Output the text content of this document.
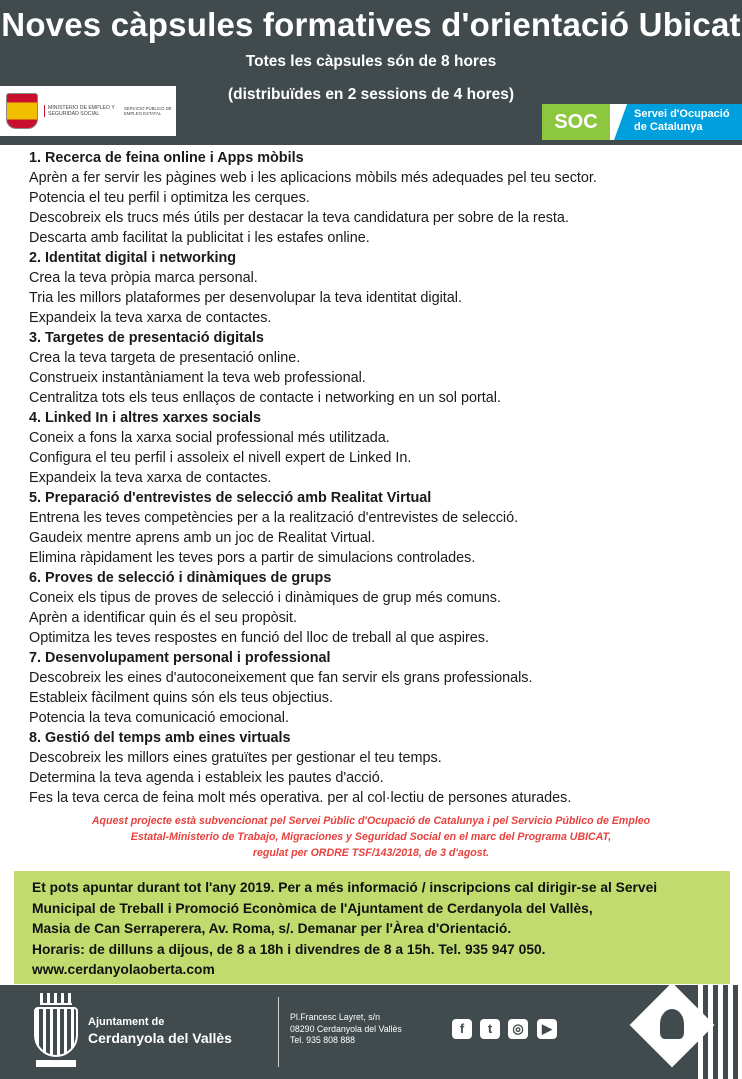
Noves càpsules formatives d'orientació Ubicat
Totes les càpsules són de 8 hores
(distribuïdes en 2 sessions de 4 hores)
MINISTERIO DE EMPLEO Y SEGURIDAD SOCIAL
SERVICIO PÚBLICO DE EMPLEO ESTATAL	SOC	Servei d'Ocupació
de Catalunya
1. Recerca de feina online i Apps mòbils
Aprèn a fer servir les pàgines web i les aplicacions mòbils més adequades pel teu sector.
Potencia el teu perfil i optimitza les cerques.
Descobreix els trucs més útils per destacar la teva candidatura per sobre de la resta.
Descarta amb facilitat la publicitat i les estafes online.
2. Identitat digital i networking
Crea la teva pròpia marca personal.
Tria les millors plataformes per desenvolupar la teva identitat digital.
Expandeix la teva xarxa de contactes.
3. Targetes de presentació digitals
Crea la teva targeta de presentació online.
Construeix instantàniament la teva web professional.
Centralitza tots els teus enllaços de contacte i networking en un sol portal.
4. Linked In i altres xarxes socials
Coneix a fons la xarxa social professional més utilitzada.
Configura el teu perfil i assoleix el nivell expert de Linked In.
Expandeix la teva xarxa de contactes.
5. Preparació d'entrevistes de selecció amb Realitat Virtual
Entrena les teves competències per a la realització d'entrevistes de selecció.
Gaudeix mentre aprens amb un joc de Realitat Virtual.
Elimina ràpidament les teves pors a partir de simulacions controlades.
6. Proves de selecció i dinàmiques de grups
Coneix els tipus de proves de selecció i dinàmiques de grup més comuns.
Aprèn a identificar quin és el seu propòsit.
Optimitza les teves respostes en funció del lloc de treball al que aspires.
7. Desenvolupament personal i professional
Descobreix les eines d'autoconeixement que fan servir els grans professionals.
Estableix fàcilment quins són els teus objectius.
Potencia la teva comunicació emocional.
8. Gestió del temps amb eines virtuals
Descobreix les millors eines gratuïtes per gestionar el teu temps.
Determina la teva agenda i estableix les pautes d'acció.
Fes la teva cerca de feina molt més operativa. per al col·lectiu de persones aturades.
Aquest projecte està subvencionat pel Servei Públic d'Ocupació de Catalunya i pel Servicio Público de Empleo
Estatal-Ministerio de Trabajo, Migraciones y Seguridad Social en el marc del Programa UBICAT,
regulat per ORDRE TSF/143/2018, de 3 d'agost.
Et pots apuntar durant tot l'any 2019. Per a més informació / inscripcions cal dirigir-se al Servei
Municipal de Treball i Promoció Econòmica de l'Ajuntament de Cerdanyola del Vallès,
Masia de Can Serraperera, Av. Roma, s/. Demanar per l'Àrea d'Orientació.
Horaris: de dilluns a dijous, de 8 a 18h i divendres de 8 a 15h. Tel. 935 947 050.
www.cerdanyolaoberta.com
Ajuntament de
Cerdanyola del Vallès
Pl.Francesc Layret, s/n
08290 Cerdanyola del Vallès
Tel. 935 808 888
f	t	◎	▶
